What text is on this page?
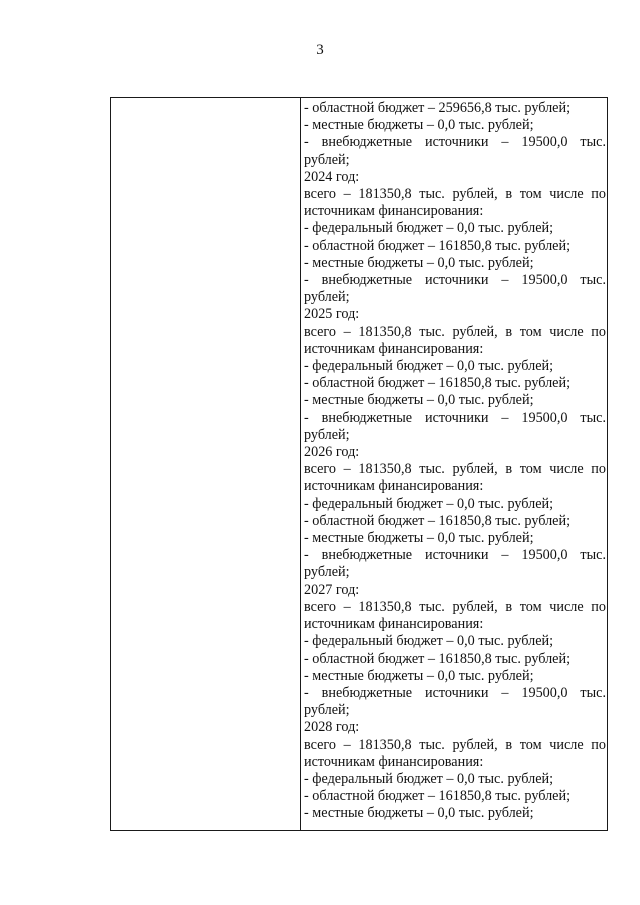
3
- областной бюджет – 259656,8 тыс. рублей;
- местные бюджеты – 0,0 тыс. рублей;
- внебюджетные источники – 19500,0 тыс.
рублей;
2024 год:
всего – 181350,8 тыс. рублей, в том числе по
источникам финансирования:
- федеральный бюджет – 0,0 тыс. рублей;
- областной бюджет – 161850,8 тыс. рублей;
- местные бюджеты – 0,0 тыс. рублей;
- внебюджетные источники – 19500,0 тыс.
рублей;
2025 год:
всего – 181350,8 тыс. рублей, в том числе по
источникам финансирования:
- федеральный бюджет – 0,0 тыс. рублей;
- областной бюджет – 161850,8 тыс. рублей;
- местные бюджеты – 0,0 тыс. рублей;
- внебюджетные источники – 19500,0 тыс.
рублей;
2026 год:
всего – 181350,8 тыс. рублей, в том числе по
источникам финансирования:
- федеральный бюджет – 0,0 тыс. рублей;
- областной бюджет – 161850,8 тыс. рублей;
- местные бюджеты – 0,0 тыс. рублей;
- внебюджетные источники – 19500,0 тыс.
рублей;
2027 год:
всего – 181350,8 тыс. рублей, в том числе по
источникам финансирования:
- федеральный бюджет – 0,0 тыс. рублей;
- областной бюджет – 161850,8 тыс. рублей;
- местные бюджеты – 0,0 тыс. рублей;
- внебюджетные источники – 19500,0 тыс.
рублей;
2028 год:
всего – 181350,8 тыс. рублей, в том числе по
источникам финансирования:
- федеральный бюджет – 0,0 тыс. рублей;
- областной бюджет – 161850,8 тыс. рублей;
- местные бюджеты – 0,0 тыс. рублей;
